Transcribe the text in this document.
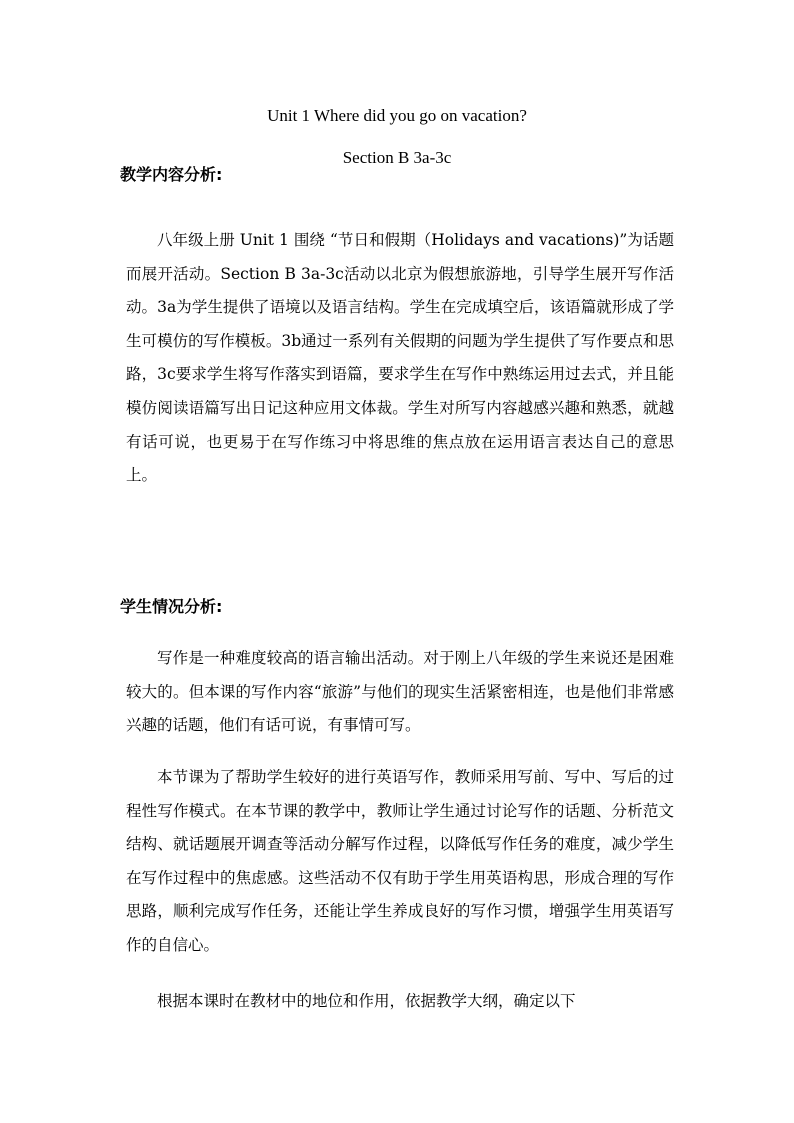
Unit 1 Where did you go on vacation?
Section B 3a-3c
教学内容分析:

八年级上册 Unit 1 围绕 “节日和假期（Holidays and vacations)”为话题而展开活动。Section B 3a-3c活动以北京为假想旅游地，引导学生展开写作活动。3a为学生提供了语境以及语言结构。学生在完成填空后，该语篇就形成了学生可模仿的写作模板。3b通过一系列有关假期的问题为学生提供了写作要点和思路，3c要求学生将写作落实到语篇，要求学生在写作中熟练运用过去式，并且能模仿阅读语篇写出日记这种应用文体裁。学生对所写内容越感兴趣和熟悉，就越有话可说，也更易于在写作练习中将思维的焦点放在运用语言表达自己的意思上。

学生情况分析:

写作是一种难度较高的语言输出活动。对于刚上八年级的学生来说还是困难较大的。但本课的写作内容“旅游”与他们的现实生活紧密相连，也是他们非常感兴趣的话题，他们有话可说，有事情可写。

本节课为了帮助学生较好的进行英语写作，教师采用写前、写中、写后的过程性写作模式。在本节课的教学中，教师让学生通过讨论写作的话题、分析范文结构、就话题展开调查等活动分解写作过程，以降低写作任务的难度，减少学生在写作过程中的焦虑感。这些活动不仅有助于学生用英语构思，形成合理的写作思路，顺利完成写作任务，还能让学生养成良好的写作习惯，增强学生用英语写作的自信心。

根据本课时在教材中的地位和作用，依据教学大纲，确定以下
